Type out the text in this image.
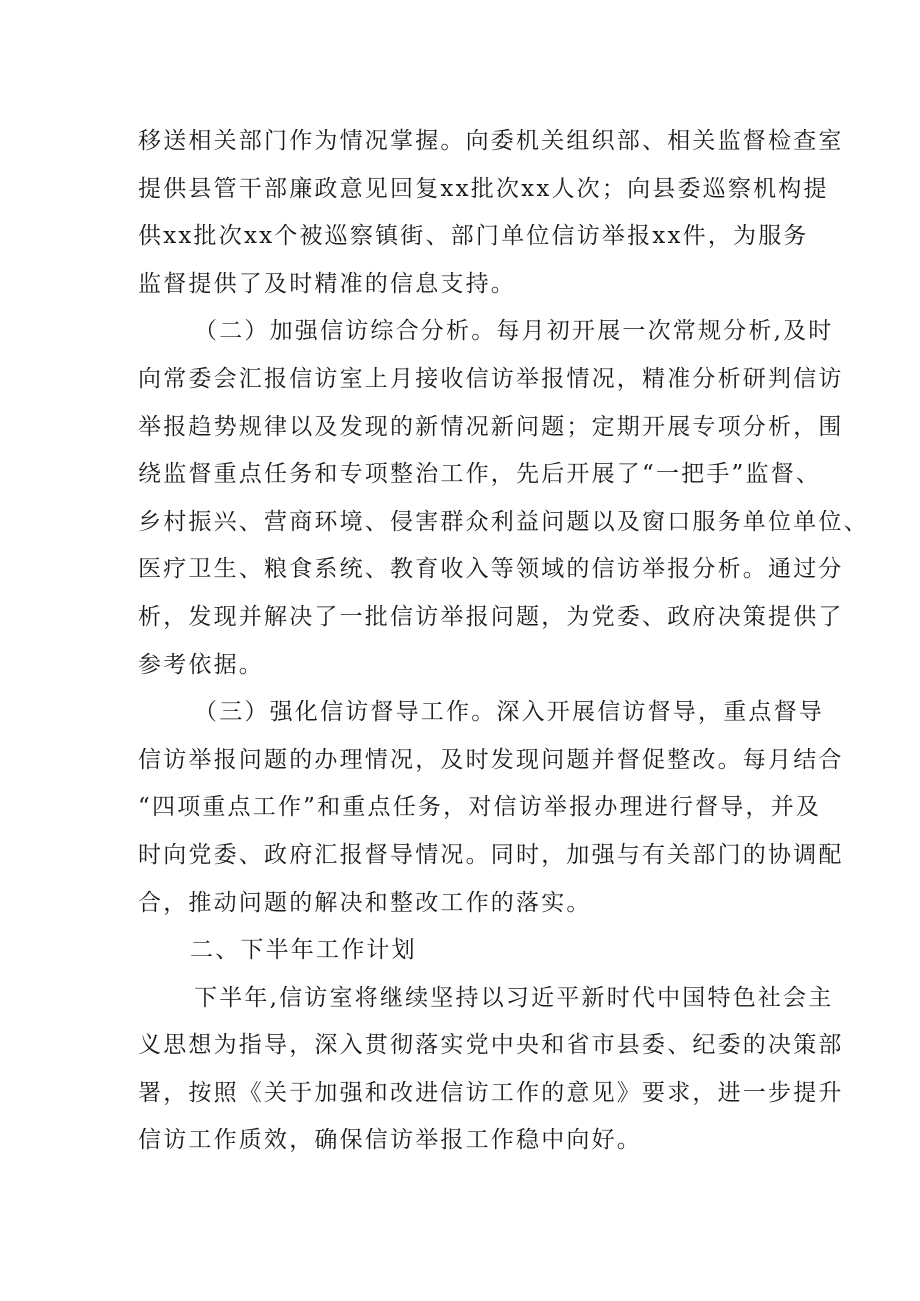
移送相关部门作为情况掌握。向委机关组织部、相关监督检查室
提供县管干部廉政意见回复xx批次xx人次；向县委巡察机构提
供xx批次xx个被巡察镇街、部门单位信访举报xx件，为服务
监督提供了及时精准的信息支持。
（二）加强信访综合分析。每月初开展一次常规分析,及时
向常委会汇报信访室上月接收信访举报情况，精准分析研判信访
举报趋势规律以及发现的新情况新问题；定期开展专项分析，围
绕监督重点任务和专项整治工作，先后开展了“一把手”监督、
乡村振兴、营商环境、侵害群众利益问题以及窗口服务单位单位、
医疗卫生、粮食系统、教育收入等领域的信访举报分析。通过分
析，发现并解决了一批信访举报问题，为党委、政府决策提供了
参考依据。
（三）强化信访督导工作。深入开展信访督导，重点督导
信访举报问题的办理情况，及时发现问题并督促整改。每月结合
“四项重点工作”和重点任务，对信访举报办理进行督导，并及
时向党委、政府汇报督导情况。同时，加强与有关部门的协调配
合，推动问题的解决和整改工作的落实。
二、下半年工作计划
下半年,信访室将继续坚持以习近平新时代中国特色社会主
义思想为指导，深入贯彻落实党中央和省市县委、纪委的决策部
署，按照《关于加强和改进信访工作的意见》要求，进一步提升
信访工作质效，确保信访举报工作稳中向好。
